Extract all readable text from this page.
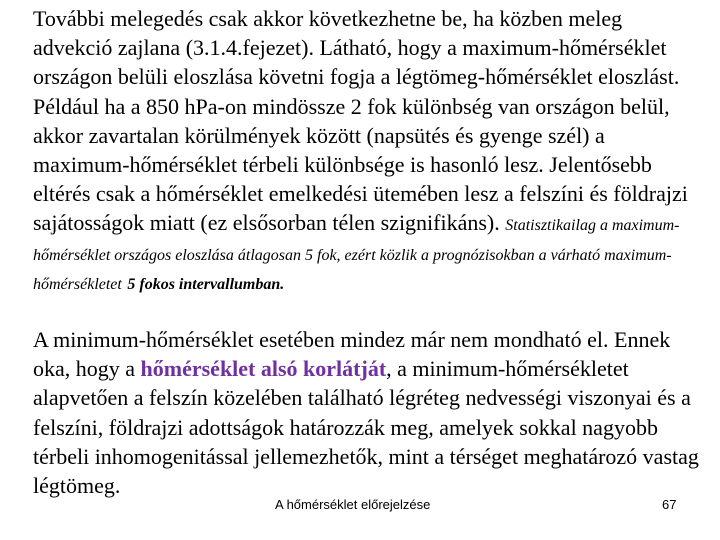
További melegedés csak akkor következhetne be, ha közben meleg advekció zajlana (3.1.4.fejezet). Látható, hogy a maximum-hőmérséklet országon belüli eloszlása követni fogja a légtömeg-hőmérséklet eloszlást. Például ha a 850 hPa-on mindössze 2 fok különbség van országon belül, akkor zavartalan körülmények között (napsütés és gyenge szél) a maximum-hőmérséklet térbeli különbsége is hasonló lesz. Jelentősebb eltérés csak a hőmérséklet emelkedési ütemében lesz a felszíni és földrajzi sajátosságok miatt (ez elsősorban télen szignifikáns). Statisztikailag a maximum-hőmérséklet országos eloszlása átlagosan 5 fok, ezért közlik a prognózisokban a várható maximum-hőmérsékletet 5 fokos intervallumban.
A minimum-hőmérséklet esetében mindez már nem mondható el. Ennek oka, hogy a hőmérséklet alsó korlátját, a minimum-hőmérsékletet alapvetően a felszín közelében található légréteg nedvességi viszonyai és a felszíni, földrajzi adottságok határozzák meg, amelyek sokkal nagyobb térbeli inhomogenitással jellemezhetők, mint a térséget meghatározó vastag légtömeg.
A hőmérséklet előrejelzése	67
